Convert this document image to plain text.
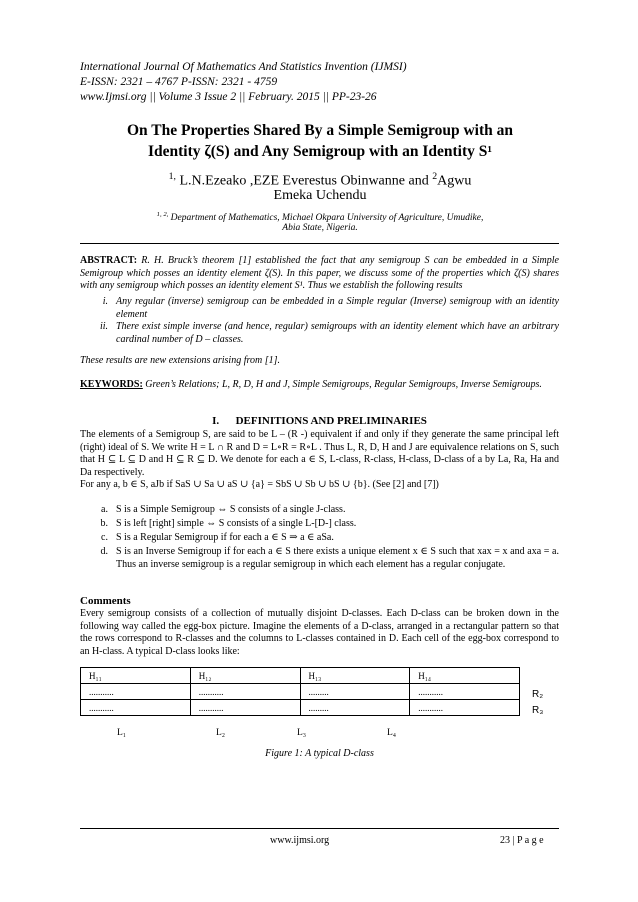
International Journal Of Mathematics And Statistics Invention (IJMSI)
E-ISSN: 2321 – 4767 P-ISSN: 2321 - 4759
www.Ijmsi.org || Volume 3 Issue 2 || February. 2015 || PP-23-26
On The Properties Shared By a Simple Semigroup with an
Identity ζ(S) and Any Semigroup with an Identity S¹
$^{1,}$ L.N.Ezeako ,EZE Everestus Obinwanne and $^2$Agwu
Emeka Uchendu
$^{1, 2,}$ Department of Mathematics, Michael Okpara University of Agriculture, Umudike,
Abia State, Nigeria.
ABSTRACT: R. H. Bruck’s theorem [1] established the fact that any semigroup S can be embedded in a Simple Semigroup which posses an identity element ζ(S). In this paper, we discuss some of the properties which ζ(S) shares with any semigroup which posses an identity element S¹. Thus we establish the following results
i. Any regular (inverse) semigroup can be embedded in a Simple regular (Inverse) semigroup with an identity element
ii. There exist simple inverse (and hence, regular) semigroups with an identity element which have an arbitrary cardinal number of D – classes.
These results are new extensions arising from [1].
KEYWORDS: Green’s Relations; L, R, D, H and J, Simple Semigroups, Regular Semigroups, Inverse Semigroups.
I. DEFINITIONS AND PRELIMINARIES
The elements of a Semigroup S, are said to be L – (R -) equivalent if and only if they generate the same principal left (right) ideal of S. We write H = L ∩ R and D = L∘R = R∘L . Thus L, R, D, H and J are equivalence relations on S, such that H ⊆ L ⊆ D and H ⊆ R ⊆ D. We denote for each a ∈ S, L-class, R-class, H-class, D-class of a by La, Ra, Ha and Da respectively.
For any a, b ∈ S, aJb if SaS ∪ Sa ∪ aS ∪ {a} = SbS ∪ Sb ∪ bS ∪ {b}. (See [2] and [7])
a. S is a Simple Semigroup ⇔ S consists of a single J-class.
b. S is left [right] simple ⇔ S consists of a single L-[D-] class.
c. S is a Regular Semigroup if for each a ∈ S ⇒ a ∈ aSa.
d. S is an Inverse Semigroup if for each a ∈ S there exists a unique element x ∈ S such that xax = x and axa = a. Thus an inverse semigroup is a regular semigroup in which each element has a regular conjugate.
Comments
Every semigroup consists of a collection of mutually disjoint D-classes. Each D-class can be broken down in the following way called the egg-box picture. Imagine the elements of a D-class, arranged in a rectangular pattern so that the rows correspond to R-classes and the columns to L-classes contained in D. Each cell of the egg-box correspond to an H-class. A typical D-class looks like:
H₁₁	H₁₂	H₁₃	H₁₄
...........	...........	.........	...........
...........	...........	.........	...........
R₂
R₃
L₁	L₂	L₃	L₄
Figure 1: A typical D-class
www.ijmsi.org	23 | P a g e
